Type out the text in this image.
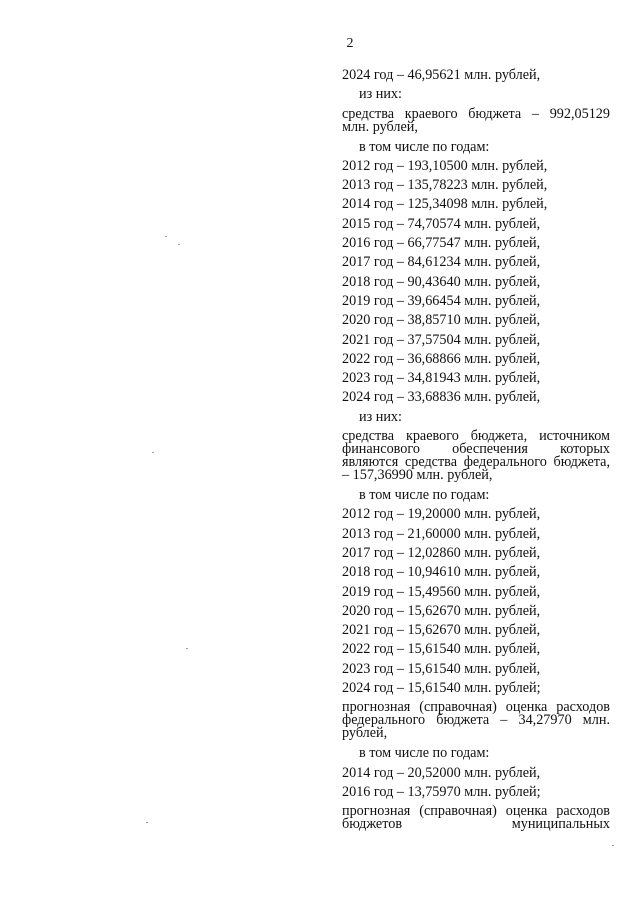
2
2024 год – 46,95621 млн. рублей,
из них:
средства краевого бюджета – 992,05129 млн. рублей,
в том числе по годам:
2012 год – 193,10500 млн. рублей,
2013 год – 135,78223 млн. рублей,
2014 год – 125,34098 млн. рублей,
2015 год – 74,70574 млн. рублей,
2016 год – 66,77547 млн. рублей,
2017 год – 84,61234 млн. рублей,
2018 год – 90,43640 млн. рублей,
2019 год – 39,66454 млн. рублей,
2020 год – 38,85710 млн. рублей,
2021 год – 37,57504 млн. рублей,
2022 год – 36,68866 млн. рублей,
2023 год – 34,81943 млн. рублей,
2024 год – 33,68836 млн. рублей,
из них:
средства краевого бюджета, источником финансового обеспечения которых являются средства федерального бюджета, – 157,36990 млн. рублей,
в том числе по годам:
2012 год – 19,20000 млн. рублей,
2013 год – 21,60000 млн. рублей,
2017 год – 12,02860 млн. рублей,
2018 год – 10,94610 млн. рублей,
2019 год – 15,49560 млн. рублей,
2020 год – 15,62670 млн. рублей,
2021 год – 15,62670 млн. рублей,
2022 год – 15,61540 млн. рублей,
2023 год – 15,61540 млн. рублей,
2024 год – 15,61540 млн. рублей;
прогнозная (справочная) оценка расходов федерального бюджета – 34,27970 млн. рублей,
в том числе по годам:
2014 год – 20,52000 млн. рублей,
2016 год – 13,75970 млн. рублей;
прогнозная (справочная) оценка расходов бюджетов муниципальных
